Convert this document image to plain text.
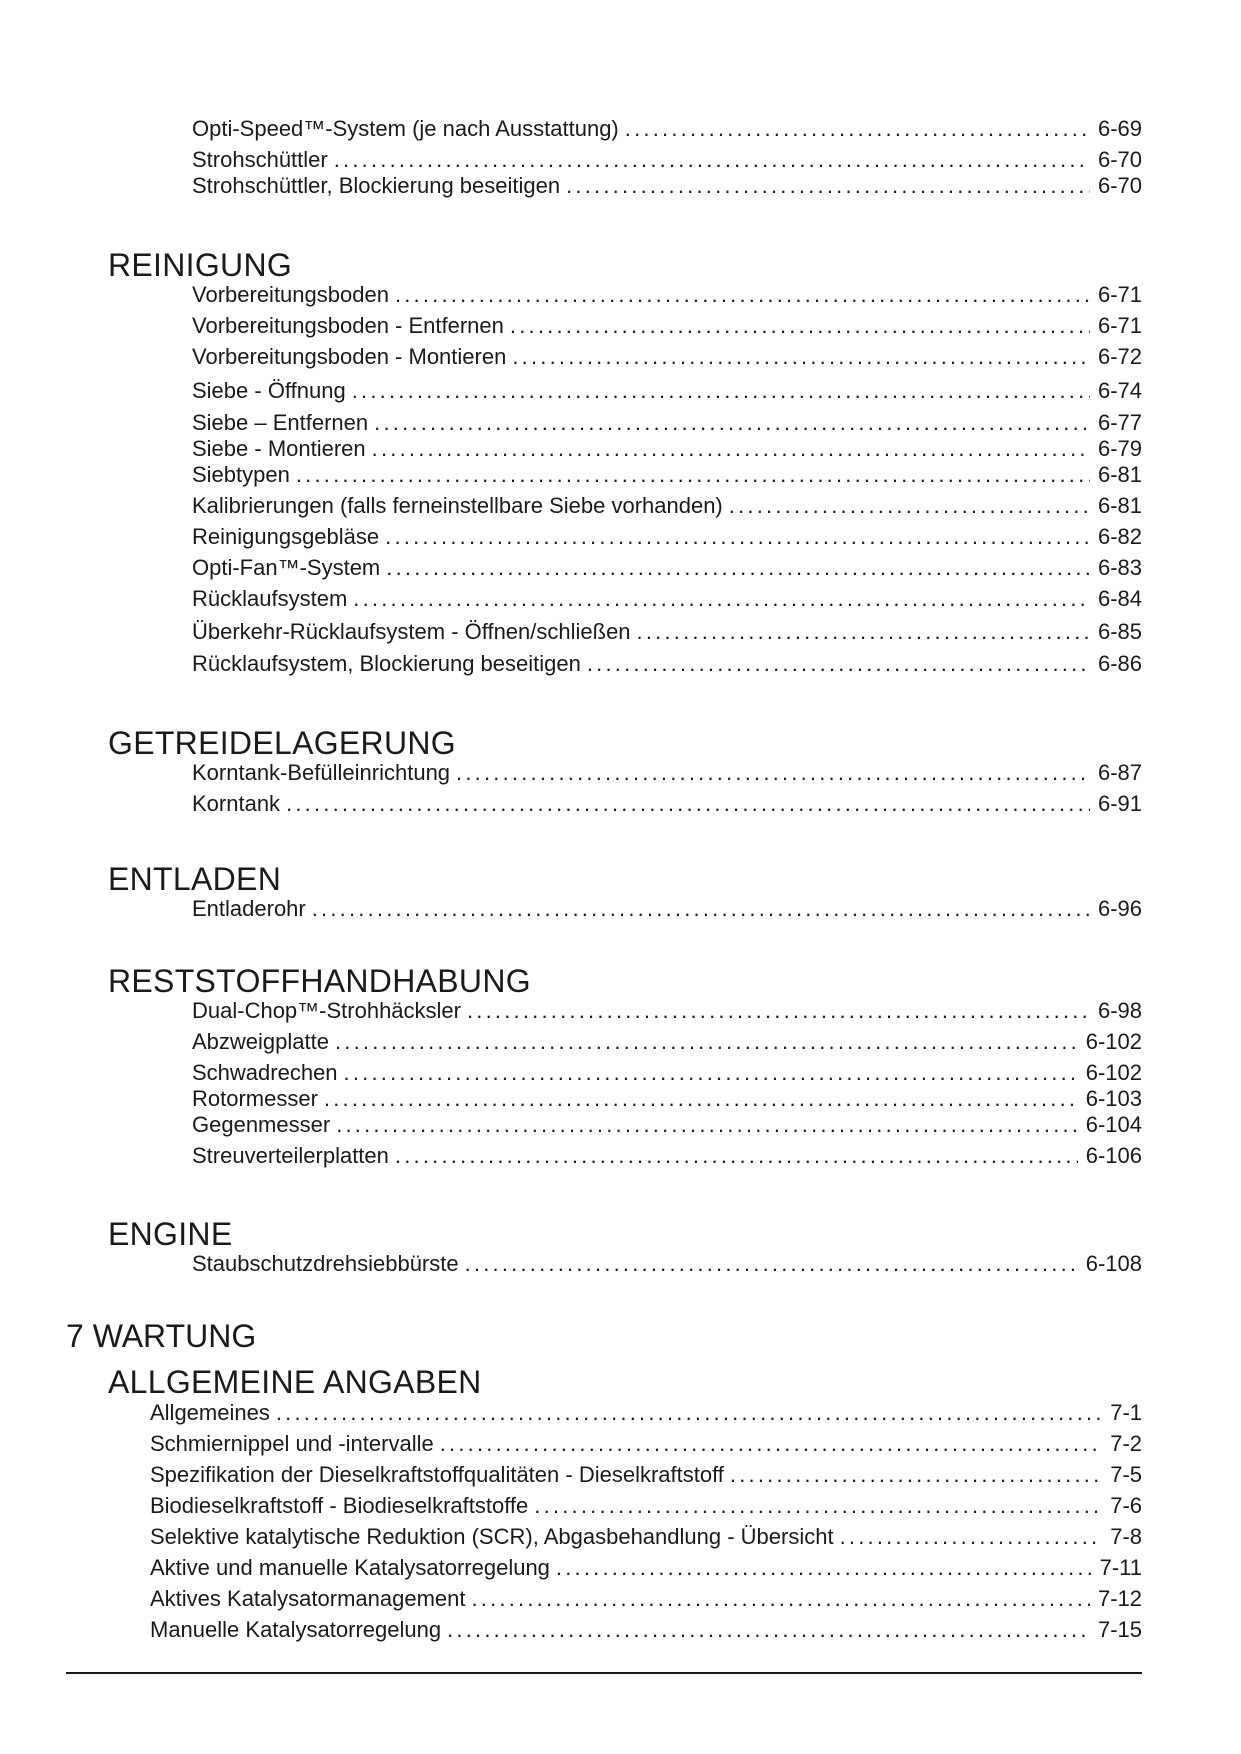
Opti-Speed™-System (je nach Ausstattung) .....	6-69
Strohschüttler .....	6-70
Strohschüttler, Blockierung beseitigen .....	6-70
REINIGUNG
Vorbereitungsboden .....	6-71
Vorbereitungsboden - Entfernen .....	6-71
Vorbereitungsboden - Montieren .....	6-72
Siebe - Öffnung .....	6-74
Siebe – Entfernen .....	6-77
Siebe - Montieren .....	6-79
Siebtypen .....	6-81
Kalibrierungen (falls ferneinstellbare Siebe vorhanden) .....	6-81
Reinigungsgebläse .....	6-82
Opti-Fan™-System .....	6-83
Rücklaufsystem .....	6-84
Überkehr-Rücklaufsystem - Öffnen/schließen .....	6-85
Rücklaufsystem, Blockierung beseitigen .....	6-86
GETREIDELAGERUNG
Korntank-Befülleinrichtung .....	6-87
Korntank .....	6-91
ENTLADEN
Entladerohr .....	6-96
RESTSTOFFHANDHABUNG
Dual-Chop™-Strohhäcksler .....	6-98
Abzweigplatte .....	6-102
Schwadrechen .....	6-102
Rotormesser .....	6-103
Gegenmesser .....	6-104
Streuverteilerplatten .....	6-106
ENGINE
Staubschutzdrehsiebbürste .....	6-108
7 WARTUNG
ALLGEMEINE ANGABEN
Allgemeines .....	7-1
Schmiernippel und -intervalle .....	7-2
Spezifikation der Dieselkraftstoffqualitäten - Dieselkraftstoff .....	7-5
Biodieselkraftstoff - Biodieselkraftstoffe .....	7-6
Selektive katalytische Reduktion (SCR), Abgasbehandlung - Übersicht .....	7-8
Aktive und manuelle Katalysatorregelung .....	7-11
Aktives Katalysatormanagement .....	7-12
Manuelle Katalysatorregelung .....	7-15
